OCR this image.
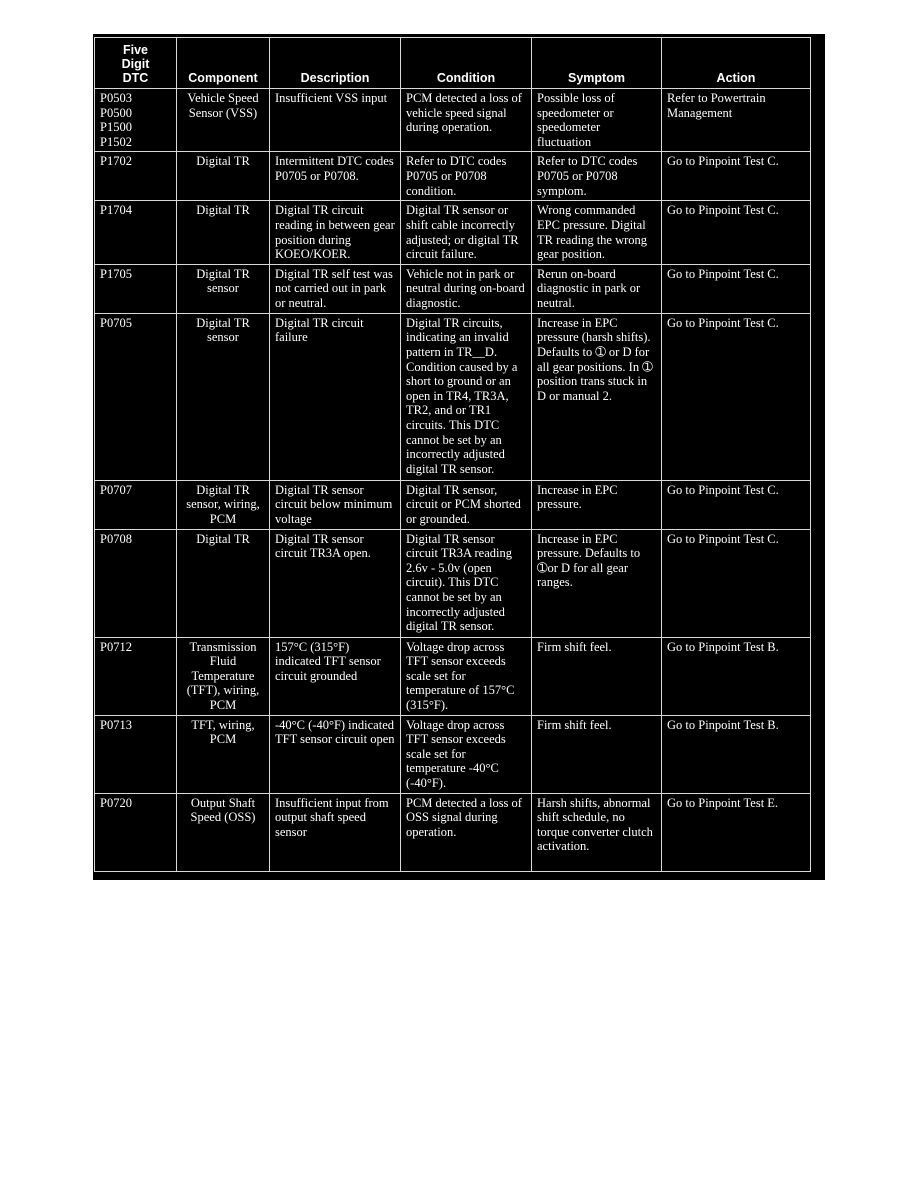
Five
Digit
DTC	Component	Description	Condition	Symptom	Action
P0503
P0500
P1500
P1502	Vehicle Speed Sensor (VSS)	Insufficient VSS input	PCM detected a loss of vehicle speed signal during operation.	Possible loss of speedometer or speedometer fluctuation	Refer to Powertrain Management
P1702	Digital TR	Intermittent DTC codes P0705 or P0708.	Refer to DTC codes P0705 or P0708 condition.	Refer to DTC codes P0705 or P0708 symptom.	Go to Pinpoint Test C.
P1704	Digital TR	Digital TR circuit reading in between gear position during KOEO/KOER.	Digital TR sensor or shift cable incorrectly adjusted; or digital TR circuit failure.	Wrong commanded EPC pressure. Digital TR reading the wrong gear position.	Go to Pinpoint Test C.
P1705	Digital TR sensor	Digital TR self test was not carried out in park or neutral.	Vehicle not in park or neutral during on-board diagnostic.	Rerun on-board diagnostic in park or neutral.	Go to Pinpoint Test C.
P0705	Digital TR sensor	Digital TR circuit failure	Digital TR circuits, indicating an invalid pattern in TR__D. Condition caused by a short to ground or an open in TR4, TR3A, TR2, and or TR1 circuits. This DTC cannot be set by an incorrectly adjusted digital TR sensor.	Increase in EPC pressure (harsh shifts). Defaults to ➀ or D for all gear positions. In ➀ position trans stuck in D or manual 2.	Go to Pinpoint Test C.
P0707	Digital TR sensor, wiring, PCM	Digital TR sensor circuit below minimum voltage	Digital TR sensor, circuit or PCM shorted or grounded.	Increase in EPC pressure.	Go to Pinpoint Test C.
P0708	Digital TR	Digital TR sensor circuit TR3A open.	Digital TR sensor circuit TR3A reading 2.6v - 5.0v (open circuit). This DTC cannot be set by an incorrectly adjusted digital TR sensor.	Increase in EPC pressure. Defaults to ➀or D for all gear ranges.	Go to Pinpoint Test C.
P0712	Transmission Fluid Temperature (TFT), wiring, PCM	157°C (315°F) indicated TFT sensor circuit grounded	Voltage drop across TFT sensor exceeds scale set for temperature of 157°C (315°F).	Firm shift feel.	Go to Pinpoint Test B.
P0713	TFT, wiring, PCM	-40°C (-40°F) indicated TFT sensor circuit open	Voltage drop across TFT sensor exceeds scale set for temperature -40°C (-40°F).	Firm shift feel.	Go to Pinpoint Test B.
P0720	Output Shaft Speed (OSS)	Insufficient input from output shaft speed sensor	PCM detected a loss of OSS signal during operation.	Harsh shifts, abnormal shift schedule, no torque converter clutch activation.	Go to Pinpoint Test E.
